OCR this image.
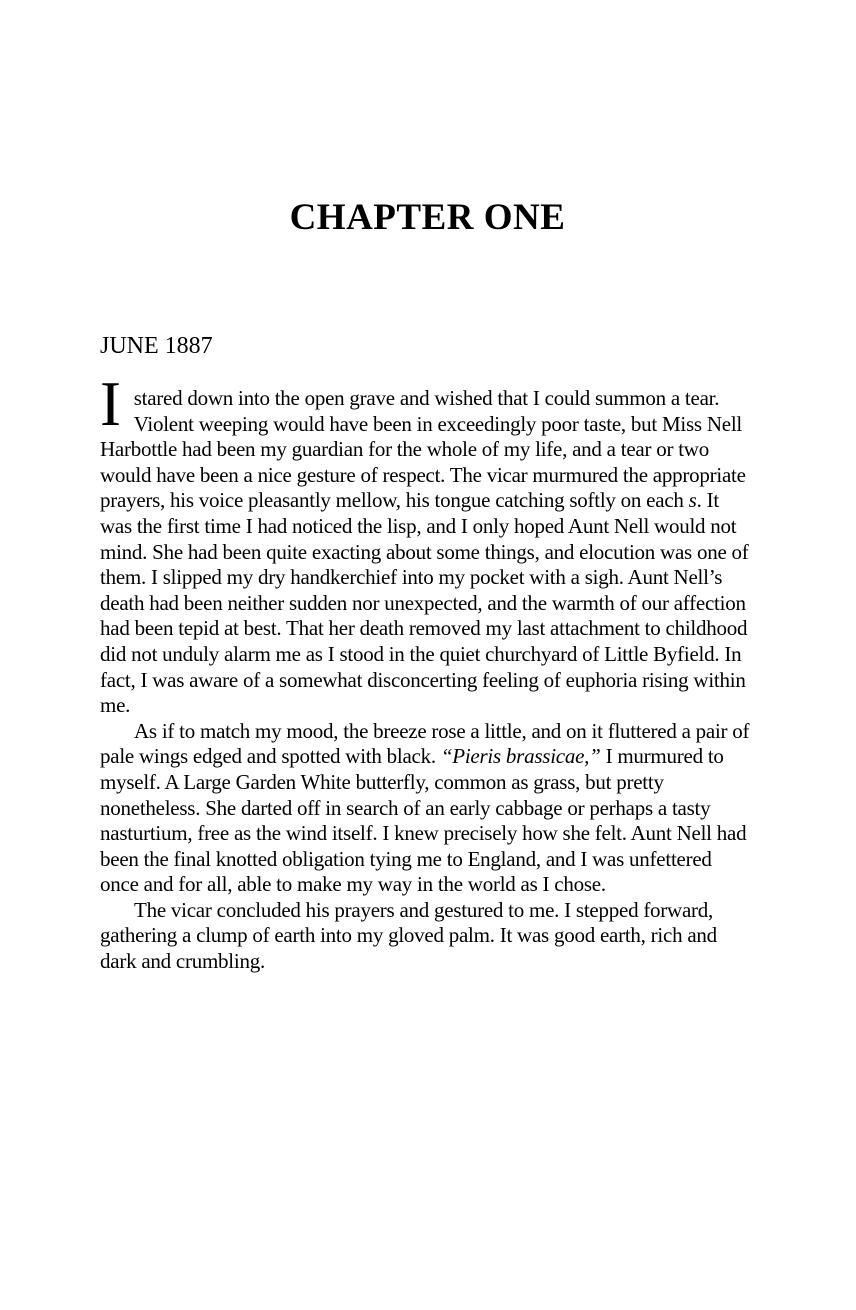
CHAPTER ONE
JUNE 1887

Istared down into the open grave and wished that I could summon a tear. Violent weeping would have been in exceedingly poor taste, but Miss Nell Harbottle had been my guardian for the whole of my life, and a tear or two would have been a nice gesture of respect. The vicar murmured the appropriate prayers, his voice pleasantly mellow, his tongue catching softly on each s. It was the first time I had noticed the lisp, and I only hoped Aunt Nell would not mind. She had been quite exacting about some things, and elocution was one of them. I slipped my dry handkerchief into my pocket with a sigh. Aunt Nell’s death had been neither sudden nor unexpected, and the warmth of our affection had been tepid at best. That her death removed my last attachment to childhood did not unduly alarm me as I stood in the quiet churchyard of Little Byfield. In fact, I was aware of a somewhat disconcerting feeling of euphoria rising within me.

As if to match my mood, the breeze rose a little, and on it fluttered a pair of pale wings edged and spotted with black. “Pieris brassicae,” I murmured to myself. A Large Garden White butterfly, common as grass, but pretty nonetheless. She darted off in search of an early cabbage or perhaps a tasty nasturtium, free as the wind itself. I knew precisely how she felt. Aunt Nell had been the final knotted obligation tying me to England, and I was unfettered once and for all, able to make my way in the world as I chose.

The vicar concluded his prayers and gestured to me. I stepped forward, gathering a clump of earth into my gloved palm. It was good earth, rich and dark and crumbling.
